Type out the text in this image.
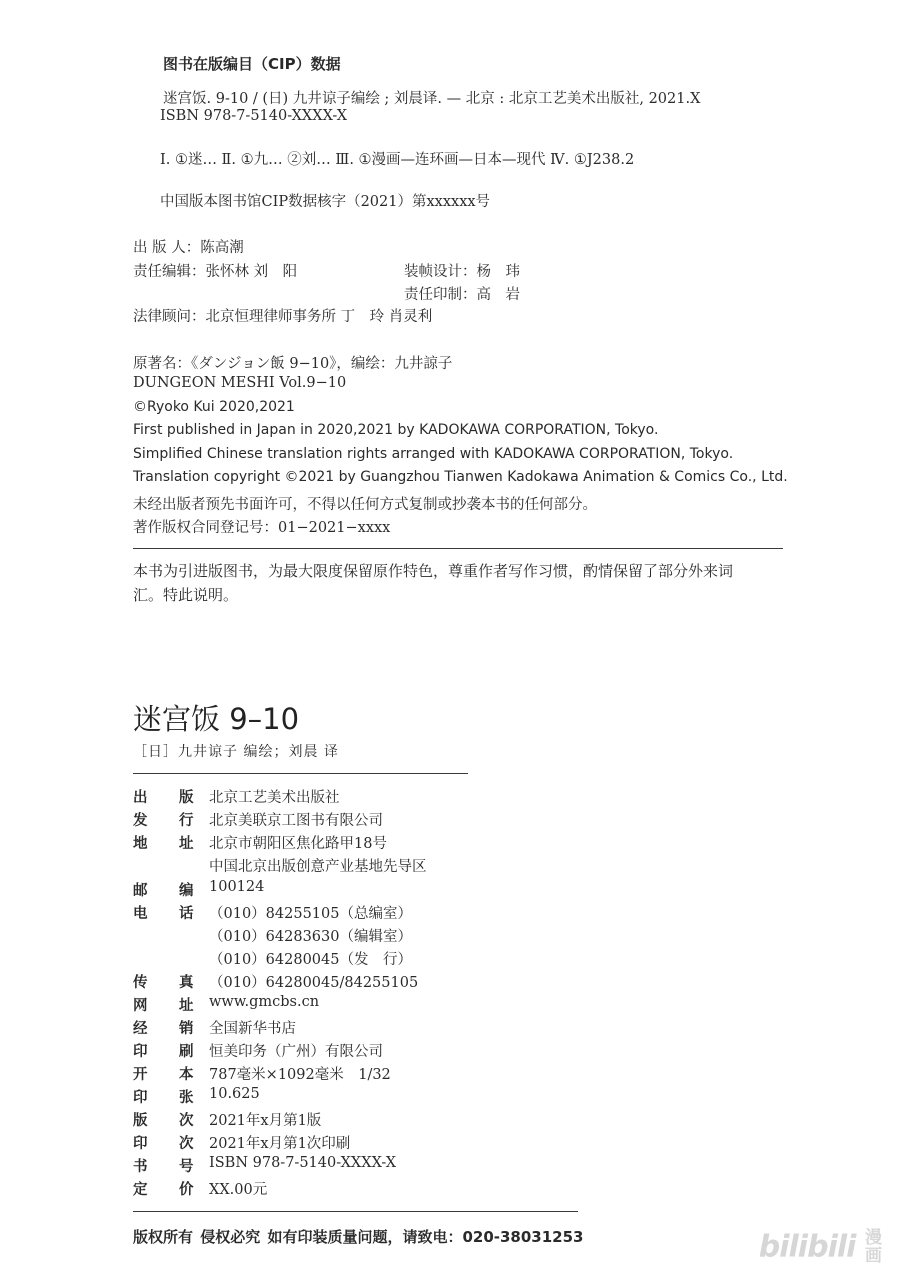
图书在版编目（CIP）数据
迷宫饭. 9-10 / (日) 九井谅子编绘 ; 刘晨译. — 北京 : 北京工艺美术出版社, 2021.X
ISBN 978-7-5140-XXXX-X
Ⅰ. ①迷… Ⅱ. ①九… ②刘… Ⅲ. ①漫画—连环画—日本—现代 Ⅳ. ①J238.2
中国版本图书馆CIP数据核字（2021）第xxxxxx号
出 版 人：陈高潮
责任编辑：张怀林 刘　阳	装帧设计：杨　玮
责任印制：高　岩
法律顾问：北京恒理律师事务所 丁　玲 肖灵利
原著名：《ダンジョン飯 9−10》，编绘：九井諒子
DUNGEON MESHI Vol.9−10
©Ryoko Kui 2020,2021
First published in Japan in 2020,2021 by KADOKAWA CORPORATION, Tokyo.
Simplified Chinese translation rights arranged with KADOKAWA CORPORATION, Tokyo.
Translation copyright ©2021 by Guangzhou Tianwen Kadokawa Animation & Comics Co., Ltd.
未经出版者预先书面许可，不得以任何方式复制或抄袭本书的任何部分。
著作版权合同登记号：01−2021−xxxx
本书为引进版图书，为最大限度保留原作特色，尊重作者写作习惯，酌情保留了部分外来词
汇。特此说明。
迷宫饭 9–10
［日］九井谅子 编绘；刘晨 译
出 版 北京工艺美术出版社
发 行 北京美联京工图书有限公司
地 址 北京市朝阳区焦化路甲18号
中国北京出版创意产业基地先导区
邮 编 100124
电 话 （010）84255105（总编室）
（010）64283630（编辑室）
（010）64280045（发　行）
传 真 （010）64280045/84255105
网 址 www.gmcbs.cn
经 销 全国新华书店
印 刷 恒美印务（广州）有限公司
开 本 787毫米×1092毫米　1/32
印 张 10.625
版 次 2021年x月第1版
印 次 2021年x月第1次印刷
书 号 ISBN 978-7-5140-XXXX-X
定 价 XX.00元
版权所有 侵权必究 如有印装质量问题，请致电：020-38031253	bilibili 漫
画
